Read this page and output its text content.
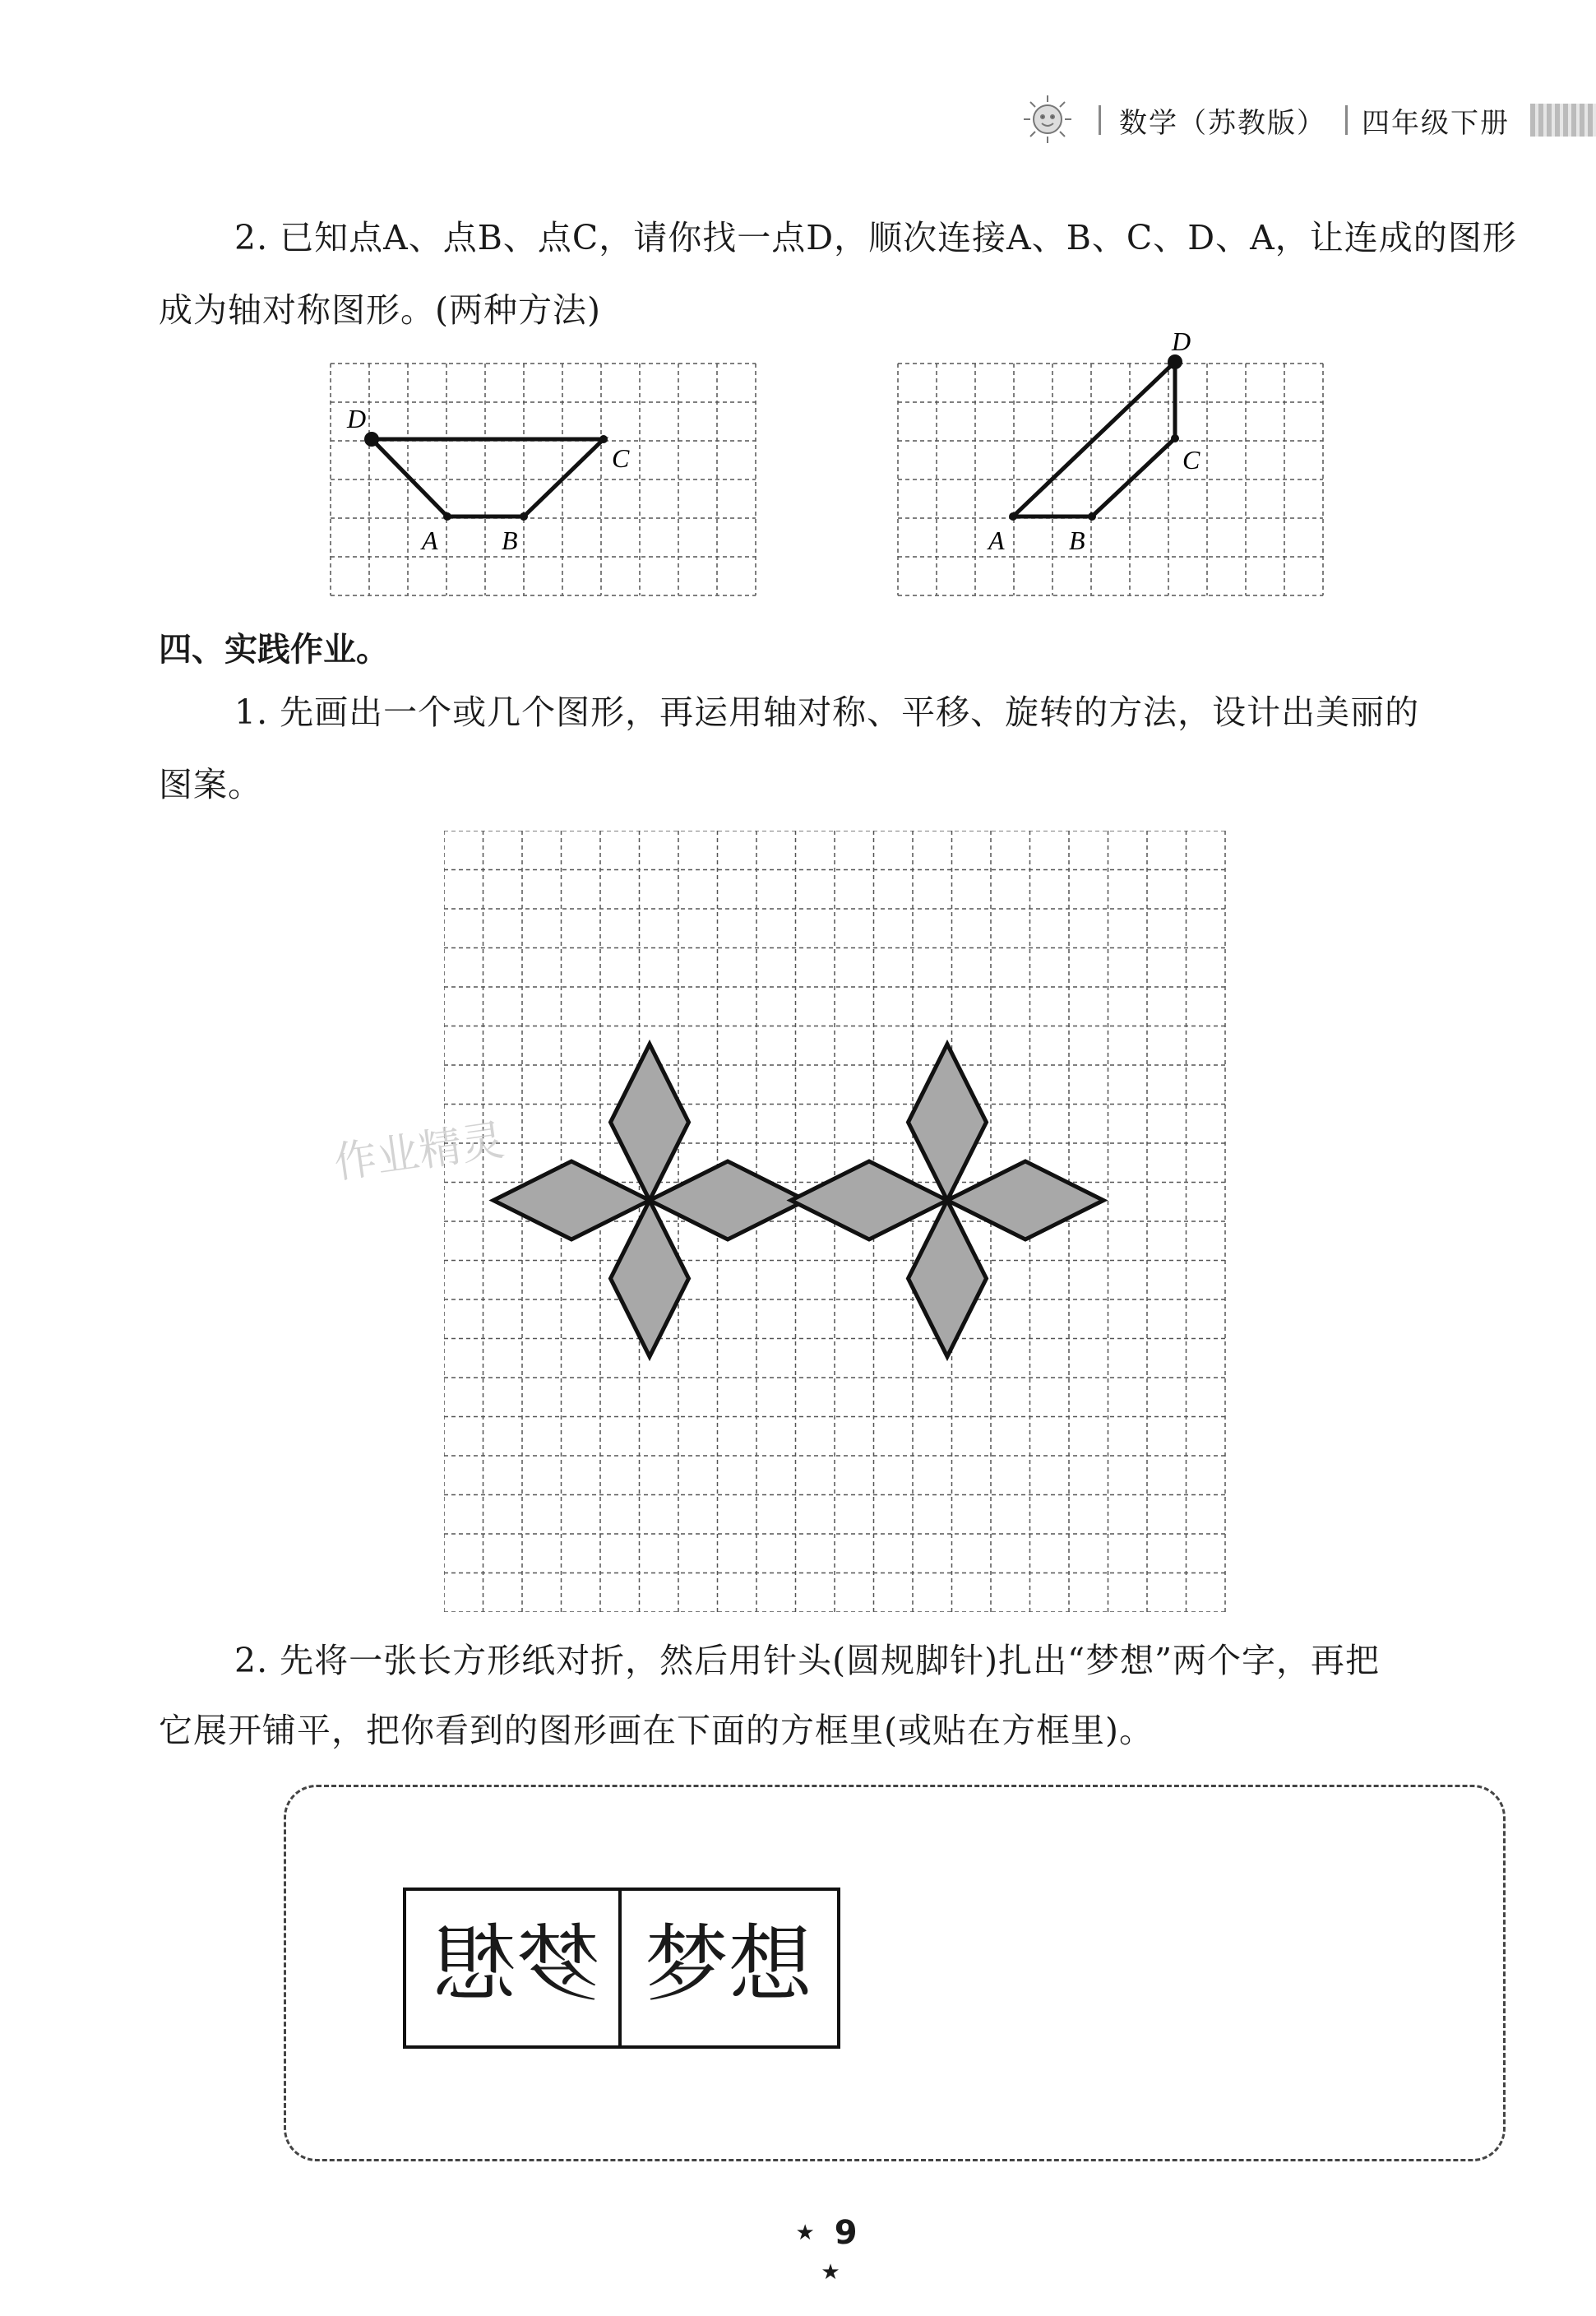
数学（苏教版） 四年级下册
2. 已知点A、点B、点C，请你找一点D，顺次连接A、B、C、D、A，让连成的图形
成为轴对称图形。(两种方法)
D
C
A B
D
C
A B
四、实践作业。
1. 先画出一个或几个图形，再运用轴对称、平移、旋转的方法，设计出美丽的
图案。
作业精灵
2. 先将一张长方形纸对折，然后用针头(圆规脚针)扎出“梦想”两个字，再把
它展开铺平，把你看到的图形画在下面的方框里(或贴在方框里)。
梦想 梦想
★ 9 ★
